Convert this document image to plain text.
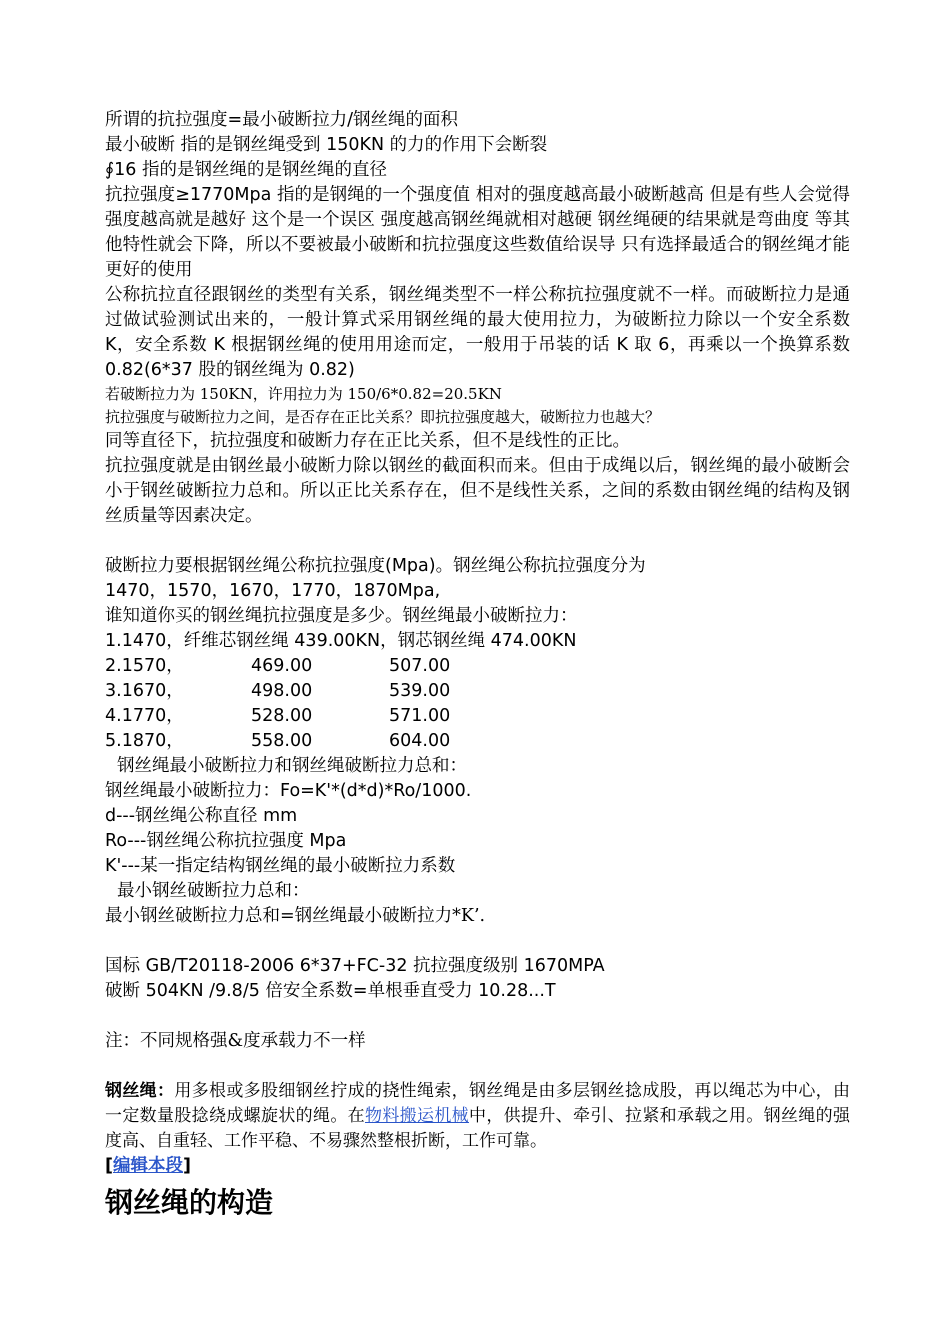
所谓的抗拉强度=最小破断拉力/钢丝绳的面积
最小破断 指的是钢丝绳受到 150KN 的力的作用下会断裂
∮16 指的是钢丝绳的是钢丝绳的直径
抗拉强度≥1770Mpa 指的是钢绳的一个强度值 相对的强度越高最小破断越高 但是有些人会觉得强度越高就是越好 这个是一个误区 强度越高钢丝绳就相对越硬 钢丝绳硬的结果就是弯曲度 等其他特性就会下降，所以不要被最小破断和抗拉强度这些数值给误导 只有选择最适合的钢丝绳才能更好的使用
公称抗拉直径跟钢丝的类型有关系，钢丝绳类型不一样公称抗拉强度就不一样。而破断拉力是通过做试验测试出来的，一般计算式采用钢丝绳的最大使用拉力，为破断拉力除以一个安全系数 K，安全系数 K 根据钢丝绳的使用用途而定，一般用于吊装的话 K 取 6，再乘以一个换算系数 0.82(6*37 股的钢丝绳为 0.82)
若破断拉力为 150KN，许用拉力为 150/6*0.82=20.5KN
抗拉强度与破断拉力之间，是否存在正比关系？即抗拉强度越大，破断拉力也越大？
同等直径下，抗拉强度和破断力存在正比关系，但不是线性的正比。
抗拉强度就是由钢丝最小破断力除以钢丝的截面积而来。但由于成绳以后，钢丝绳的最小破断会小于钢丝破断拉力总和。所以正比关系存在，但不是线性关系，之间的系数由钢丝绳的结构及钢丝质量等因素决定。
破断拉力要根据钢丝绳公称抗拉强度(Mpa)。钢丝绳公称抗拉强度分为
1470，1570，1670，1770，1870Mpa,
谁知道你买的钢丝绳抗拉强度是多少。钢丝绳最小破断拉力：
1.1470，纤维芯钢丝绳 439.00KN，钢芯钢丝绳 474.00KN
2.1570，	469.00	507.00
3.1670，	498.00	539.00
4.1770，	528.00	571.00
5.1870，	558.00	604.00
钢丝绳最小破断拉力和钢丝绳破断拉力总和：
钢丝绳最小破断拉力：Fo=K'*(d*d)*Ro/1000.
d---钢丝绳公称直径 mm
Ro---钢丝绳公称抗拉强度 Mpa
K'---某一指定结构钢丝绳的最小破断拉力系数
最小钢丝破断拉力总和：
最小钢丝破断拉力总和=钢丝绳最小破断拉力*K’.
国标 GB/T20118-2006 6*37+FC-32 抗拉强度级别 1670MPA
破断 504KN /9.8/5 倍安全系数=单根垂直受力 10.28...T
注：不同规格强&度承载力不一样
钢丝绳：用多根或多股细钢丝拧成的挠性绳索，钢丝绳是由多层钢丝捻成股，再以绳芯为中心，由一定数量股捻绕成螺旋状的绳。在物料搬运机械中，供提升、牵引、拉紧和承载之用。钢丝绳的强度高、自重轻、工作平稳、不易骤然整根折断，工作可靠。
[编辑本段]
钢丝绳的构造
